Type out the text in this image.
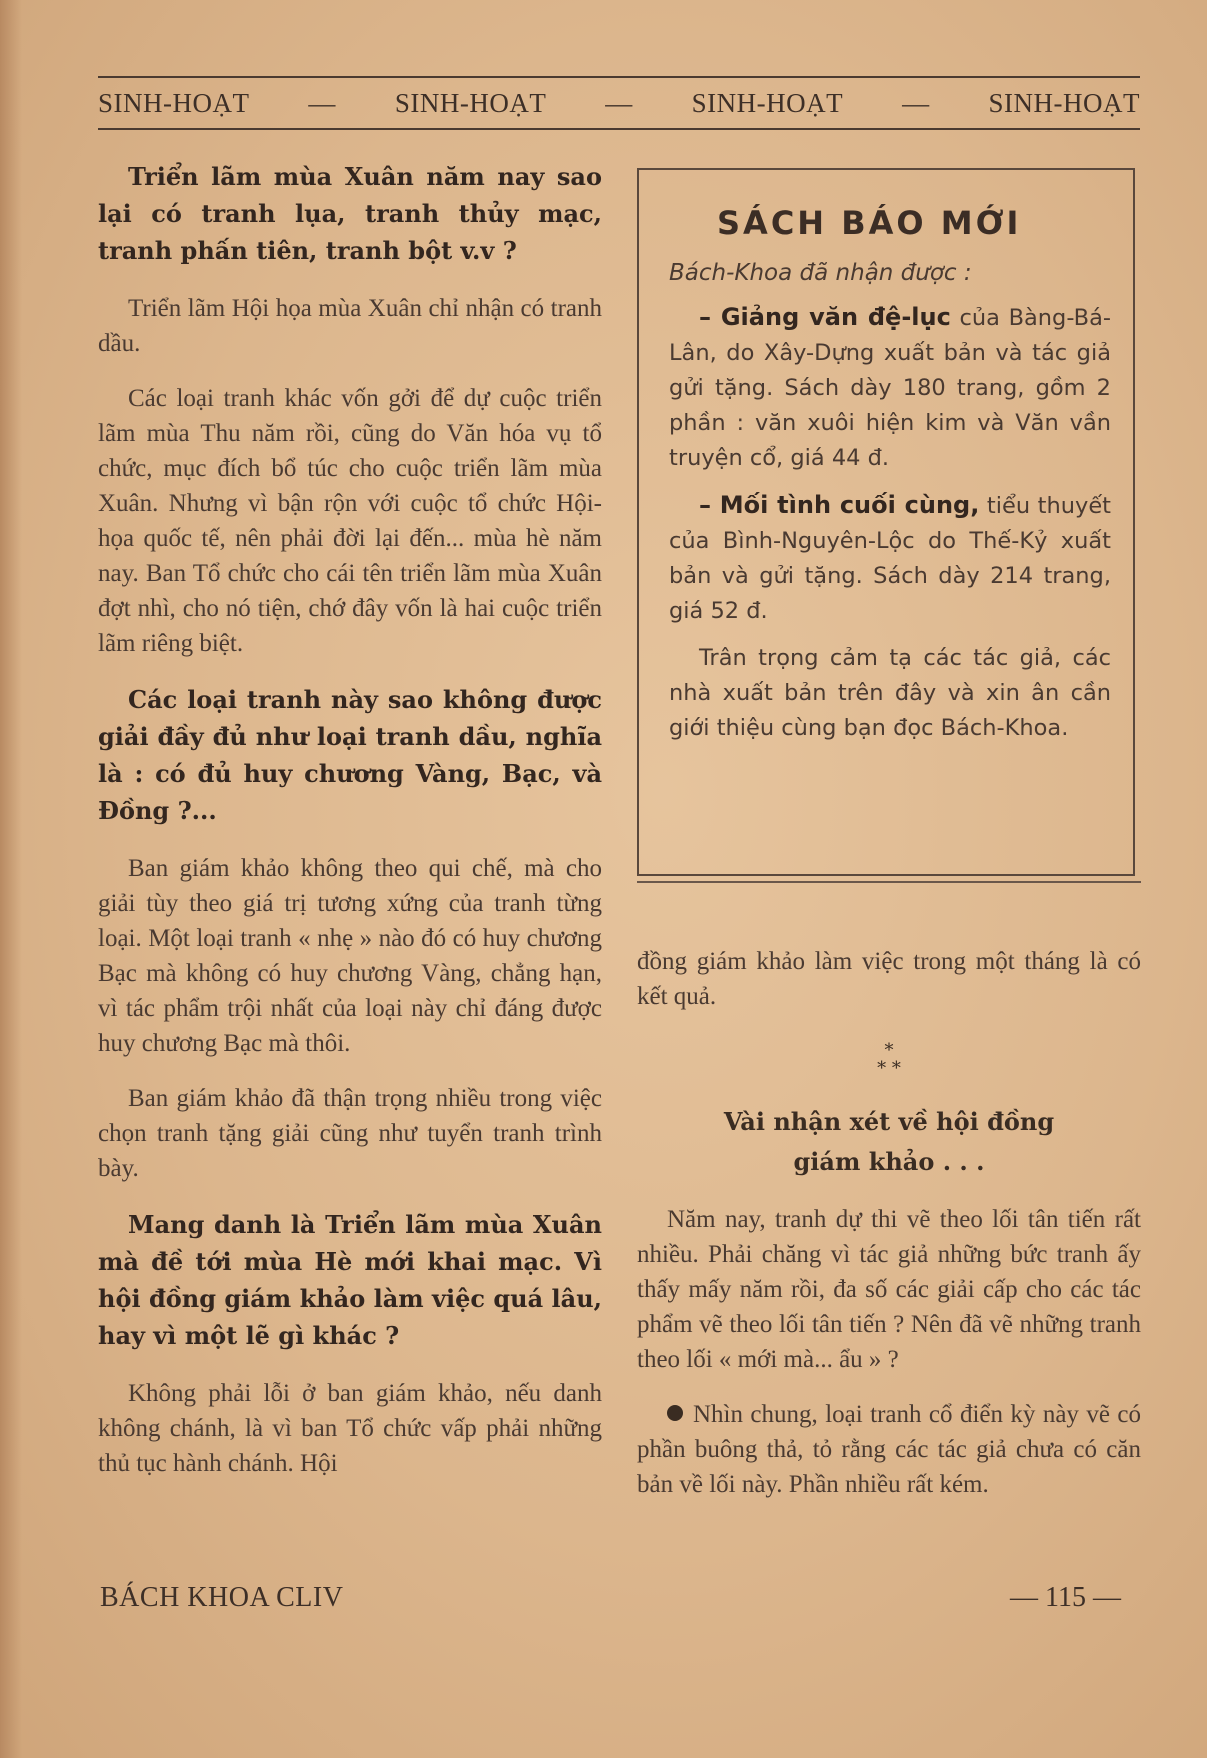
SINH-HOẠT — SINH-HOẠT — SINH-HOẠT — SINH-HOẠT

Triển lãm mùa Xuân năm nay sao lại có tranh lụa, tranh thủy mạc, tranh phấn tiên, tranh bột v.v ?

Triển lãm Hội họa mùa Xuân chỉ nhận có tranh dầu.

Các loại tranh khác vốn gởi để dự cuộc triển lãm mùa Thu năm rồi, cũng do Văn hóa vụ tổ chức, mục đích bổ túc cho cuộc triển lãm mùa Xuân. Nhưng vì bận rộn với cuộc tổ chức Hội-họa quốc tế, nên phải đời lại đến... mùa hè năm nay. Ban Tổ chức cho cái tên triển lãm mùa Xuân đợt nhì, cho nó tiện, chớ đây vốn là hai cuộc triển lãm riêng biệt.

Các loại tranh này sao không được giải đầy đủ như loại tranh dầu, nghĩa là : có đủ huy chương Vàng, Bạc, và Đồng ?...

Ban giám khảo không theo qui chế, mà cho giải tùy theo giá trị tương xứng của tranh từng loại. Một loại tranh « nhẹ » nào đó có huy chương Bạc mà không có huy chương Vàng, chẳng hạn, vì tác phẩm trội nhất của loại này chỉ đáng được huy chương Bạc mà thôi.

Ban giám khảo đã thận trọng nhiều trong việc chọn tranh tặng giải cũng như tuyển tranh trình bày.

Mang danh là Triển lãm mùa Xuân mà đề tới mùa Hè mới khai mạc. Vì hội đồng giám khảo làm việc quá lâu, hay vì một lẽ gì khác ?

Không phải lỗi ở ban giám khảo, nếu danh không chánh, là vì ban Tổ chức vấp phải những thủ tục hành chánh. Hội

SÁCH BÁO MỚI
Bách-Khoa đã nhận được :

– Giảng văn đệ-lục của Bàng-Bá-Lân, do Xây-Dựng xuất bản và tác giả gửi tặng. Sách dày 180 trang, gồm 2 phần : văn xuôi hiện kim và Văn vần truyện cổ, giá 44 đ.

– Mối tình cuối cùng, tiểu thuyết của Bình-Nguyên-Lộc do Thế-Kỷ xuất bản và gửi tặng. Sách dày 214 trang, giá 52 đ.

Trân trọng cảm tạ các tác giả, các nhà xuất bản trên đây và xin ân cần giới thiệu cùng bạn đọc Bách-Khoa.

đồng giám khảo làm việc trong một tháng là có kết quả.

*
* *
Vài nhận xét về hội đồng
giám khảo . . .

Năm nay, tranh dự thi vẽ theo lối tân tiến rất nhiều. Phải chăng vì tác giả những bức tranh ấy thấy mấy năm rồi, đa số các giải cấp cho các tác phẩm vẽ theo lối tân tiến ? Nên đã vẽ những tranh theo lối « mới mà... ẩu » ?

Nhìn chung, loại tranh cổ điển kỳ này vẽ có phần buông thả, tỏ rằng các tác giả chưa có căn bản về lối này. Phần nhiều rất kém.

BÁCH KHOA CLIV	— 115 —
